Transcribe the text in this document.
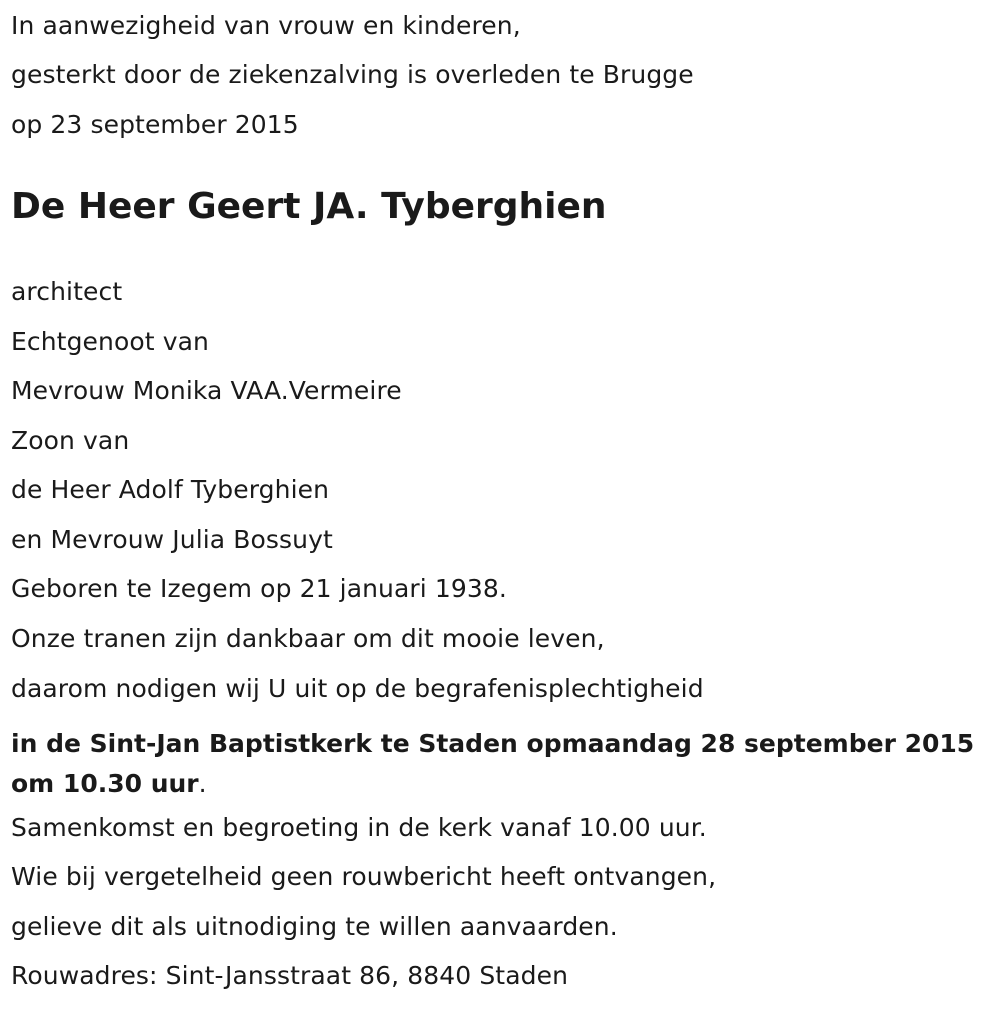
In aanwezigheid van vrouw en kinderen,
gesterkt door de ziekenzalving is overleden te Brugge
op 23 september 2015
De Heer Geert JA. Tyberghien
architect
Echtgenoot van
Mevrouw Monika VAA.Vermeire
Zoon van
de Heer Adolf Tyberghien
en Mevrouw Julia Bossuyt
Geboren te Izegem op 21 januari 1938.
Onze tranen zijn dankbaar om dit mooie leven,
daarom nodigen wij U uit op de begrafenisplechtigheid
in de Sint-Jan Baptistkerk te Staden opmaandag 28 september 2015 om 10.30 uur.
Samenkomst en begroeting in de kerk vanaf 10.00 uur.
Wie bij vergetelheid geen rouwbericht heeft ontvangen,
gelieve dit als uitnodiging te willen aanvaarden.
Rouwadres: Sint-Jansstraat 86, 8840 Staden
